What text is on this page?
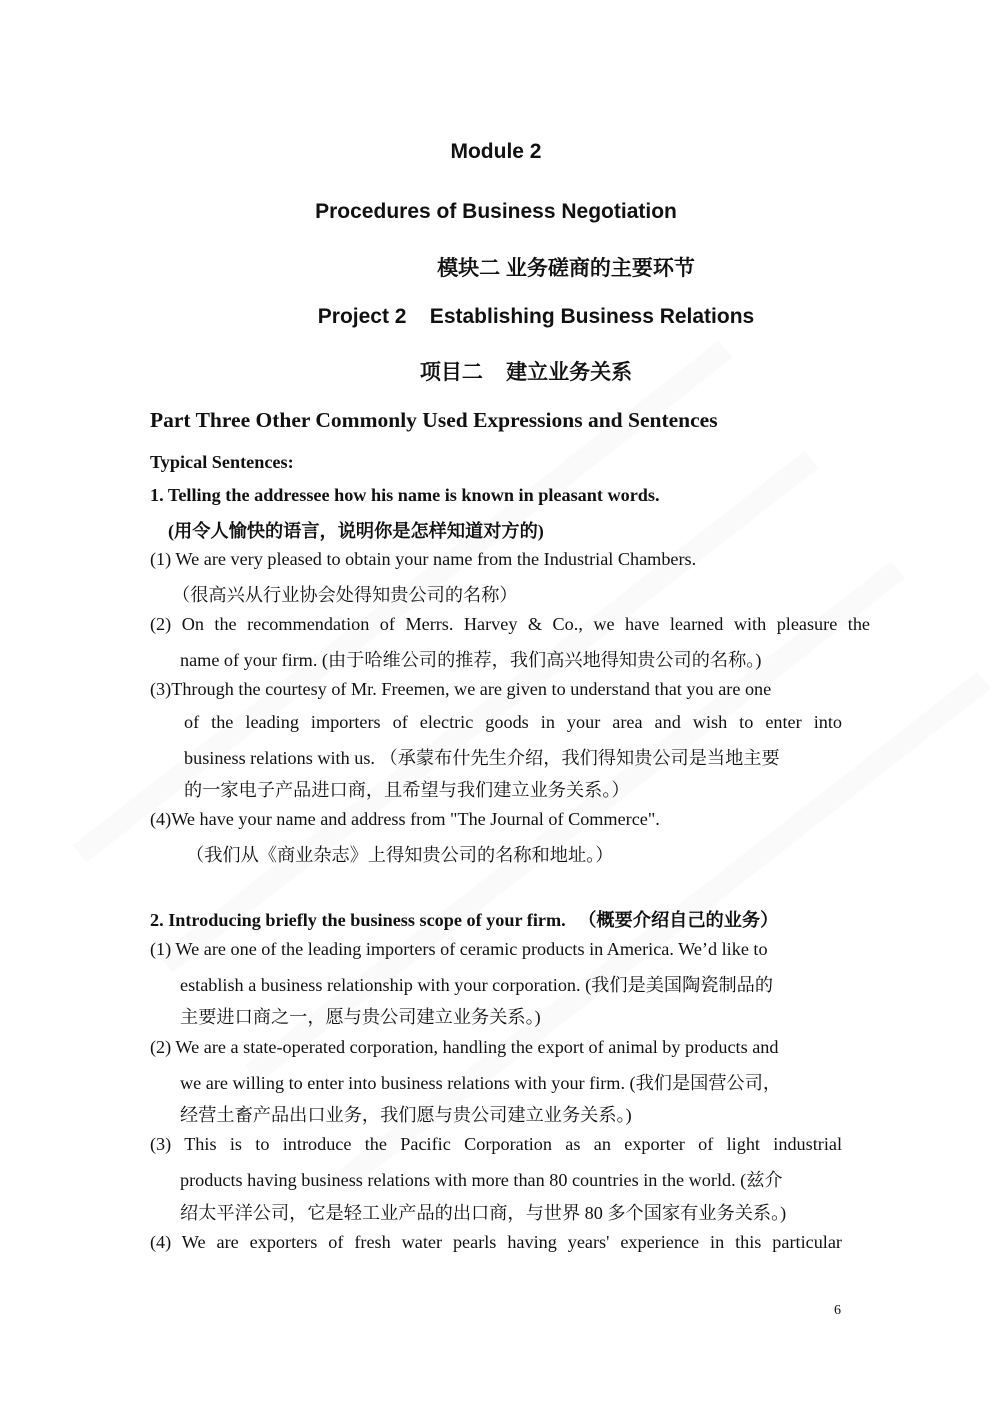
Module 2
Procedures of Business Negotiation
模块二 业务磋商的主要环节
Project 2    Establishing Business Relations
项目二    建立业务关系
Part Three Other Commonly Used Expressions and Sentences
Typical Sentences:
1. Telling the addressee how his name is known in pleasant words.
(用令人愉快的语言，说明你是怎样知道对方的)
(1) We are very pleased to obtain your name from the Industrial Chambers.
（很高兴从行业协会处得知贵公司的名称）
(2) On the recommendation of Merrs. Harvey & Co., we have learned with pleasure the
name of your firm. (由于哈维公司的推荐，我们高兴地得知贵公司的名称。)
(3)Through the courtesy of Mr. Freemen, we are given to understand that you are one
of the leading importers of electric goods in your area and wish to enter into
business relations with us. （承蒙布什先生介绍，我们得知贵公司是当地主要
的一家电子产品进口商，且希望与我们建立业务关系。）
(4)We have your name and address from "The Journal of Commerce".
（我们从《商业杂志》上得知贵公司的名称和地址。）
2. Introducing briefly the business scope of your firm. （概要介绍自己的业务）
(1) We are one of the leading importers of ceramic products in America. We’d like to
establish a business relationship with your corporation. (我们是美国陶瓷制品的
主要进口商之一，愿与贵公司建立业务关系。)
(2) We are a state-operated corporation, handling the export of animal by products and
we are willing to enter into business relations with your firm. (我们是国营公司，
经营土畜产品出口业务，我们愿与贵公司建立业务关系。)
(3) This is to introduce the Pacific Corporation as an exporter of light industrial
products having business relations with more than 80 countries in the world. (兹介
绍太平洋公司，它是轻工业产品的出口商，与世界 80 多个国家有业务关系。)
(4) We are exporters of fresh water pearls having years' experience in this particular
6
